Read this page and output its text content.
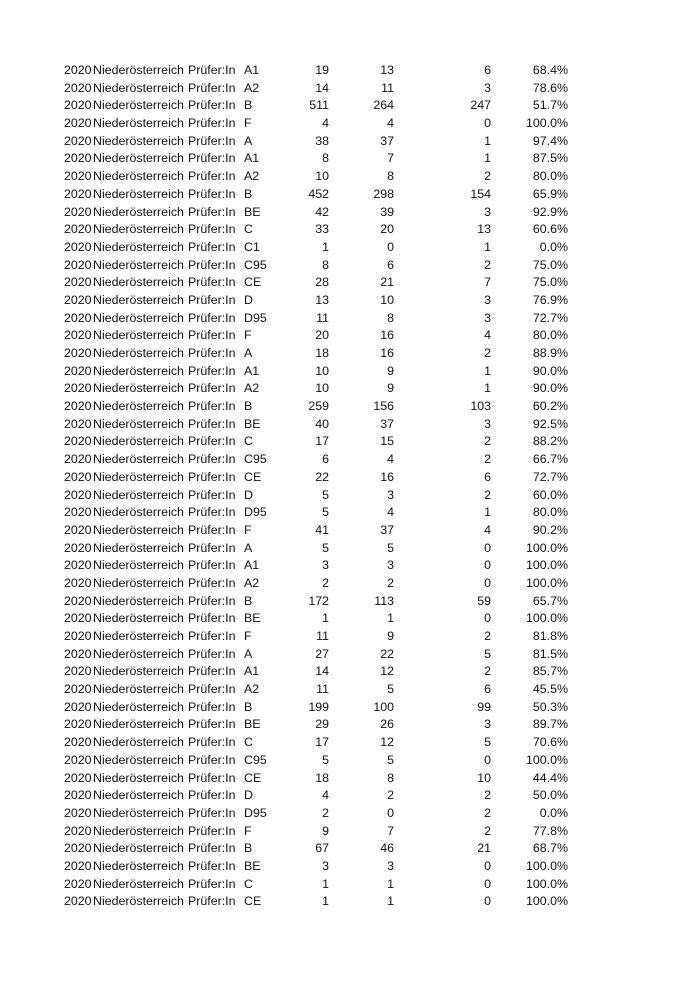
2020 Niederösterreich Prüfer:In A1	19	13	6	68.4%
2020 Niederösterreich Prüfer:In A2	14	11	3	78.6%
2020 Niederösterreich Prüfer:In B	511	264	247	51.7%
2020 Niederösterreich Prüfer:In F	4	4	0	100.0%
2020 Niederösterreich Prüfer:In A	38	37	1	97.4%
2020 Niederösterreich Prüfer:In A1	8	7	1	87.5%
2020 Niederösterreich Prüfer:In A2	10	8	2	80.0%
2020 Niederösterreich Prüfer:In B	452	298	154	65.9%
2020 Niederösterreich Prüfer:In BE	42	39	3	92.9%
2020 Niederösterreich Prüfer:In C	33	20	13	60.6%
2020 Niederösterreich Prüfer:In C1	1	0	1	0.0%
2020 Niederösterreich Prüfer:In C95	8	6	2	75.0%
2020 Niederösterreich Prüfer:In CE	28	21	7	75.0%
2020 Niederösterreich Prüfer:In D	13	10	3	76.9%
2020 Niederösterreich Prüfer:In D95	11	8	3	72.7%
2020 Niederösterreich Prüfer:In F	20	16	4	80.0%
2020 Niederösterreich Prüfer:In A	18	16	2	88.9%
2020 Niederösterreich Prüfer:In A1	10	9	1	90.0%
2020 Niederösterreich Prüfer:In A2	10	9	1	90.0%
2020 Niederösterreich Prüfer:In B	259	156	103	60.2%
2020 Niederösterreich Prüfer:In BE	40	37	3	92.5%
2020 Niederösterreich Prüfer:In C	17	15	2	88.2%
2020 Niederösterreich Prüfer:In C95	6	4	2	66.7%
2020 Niederösterreich Prüfer:In CE	22	16	6	72.7%
2020 Niederösterreich Prüfer:In D	5	3	2	60.0%
2020 Niederösterreich Prüfer:In D95	5	4	1	80.0%
2020 Niederösterreich Prüfer:In F	41	37	4	90.2%
2020 Niederösterreich Prüfer:In A	5	5	0	100.0%
2020 Niederösterreich Prüfer:In A1	3	3	0	100.0%
2020 Niederösterreich Prüfer:In A2	2	2	0	100.0%
2020 Niederösterreich Prüfer:In B	172	113	59	65.7%
2020 Niederösterreich Prüfer:In BE	1	1	0	100.0%
2020 Niederösterreich Prüfer:In F	11	9	2	81.8%
2020 Niederösterreich Prüfer:In A	27	22	5	81.5%
2020 Niederösterreich Prüfer:In A1	14	12	2	85.7%
2020 Niederösterreich Prüfer:In A2	11	5	6	45.5%
2020 Niederösterreich Prüfer:In B	199	100	99	50.3%
2020 Niederösterreich Prüfer:In BE	29	26	3	89.7%
2020 Niederösterreich Prüfer:In C	17	12	5	70.6%
2020 Niederösterreich Prüfer:In C95	5	5	0	100.0%
2020 Niederösterreich Prüfer:In CE	18	8	10	44.4%
2020 Niederösterreich Prüfer:In D	4	2	2	50.0%
2020 Niederösterreich Prüfer:In D95	2	0	2	0.0%
2020 Niederösterreich Prüfer:In F	9	7	2	77.8%
2020 Niederösterreich Prüfer:In B	67	46	21	68.7%
2020 Niederösterreich Prüfer:In BE	3	3	0	100.0%
2020 Niederösterreich Prüfer:In C	1	1	0	100.0%
2020 Niederösterreich Prüfer:In CE	1	1	0	100.0%
